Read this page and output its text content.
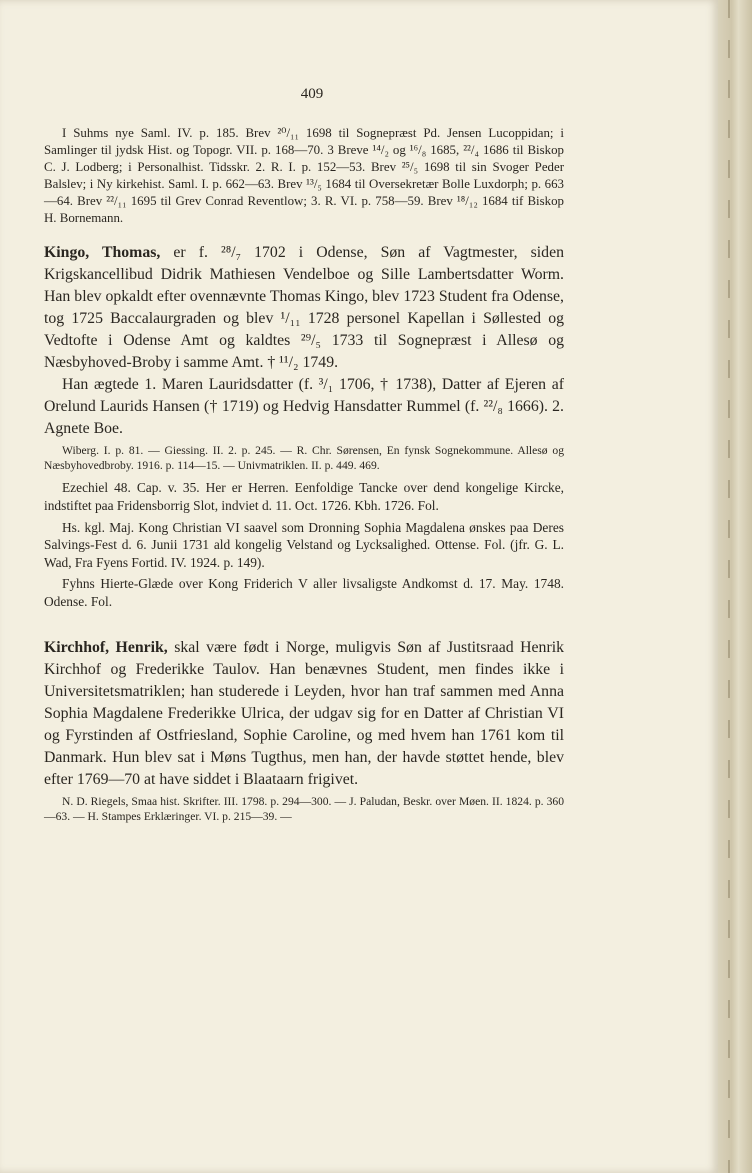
409

I Suhms nye Saml. IV. p. 185. Brev ²⁰/₁₁ 1698 til Sognepræst Pd. Jensen Lucoppidan; i Samlinger til jydsk Hist. og Topogr. VII. p. 168—70. 3 Breve ¹⁴/₂ og ¹⁶/₈ 1685, ²²/₄ 1686 til Biskop C. J. Lodberg; i Personalhist. Tidsskr. 2. R. I. p. 152—53. Brev ²⁵/₅ 1698 til sin Svoger Peder Balslev; i Ny kirkehist. Saml. I. p. 662—63. Brev ¹³/₅ 1684 til Oversekretær Bolle Luxdorph; p. 663—64. Brev ²²/₁₁ 1695 til Grev Conrad Reventlow; 3. R. VI. p. 758—59. Brev ¹⁸/₁₂ 1684 tif Biskop H. Bornemann.

Kingo, Thomas, er f. ²⁸/₇ 1702 i Odense, Søn af Vagtmester, siden Krigskancellibud Didrik Mathiesen Vendelboe og Sille Lambertsdatter Worm. Han blev opkaldt efter ovennævnte Thomas Kingo, blev 1723 Student fra Odense, tog 1725 Baccalaurgraden og blev ¹/₁₁ 1728 personel Kapellan i Søllested og Vedtofte i Odense Amt og kaldtes ²⁹/₅ 1733 til Sognepræst i Allesø og Næsbyhoved-Broby i samme Amt. † ¹¹/₂ 1749.

Han ægtede 1. Maren Lauridsdatter (f. ³/₁ 1706, † 1738), Datter af Ejeren af Orelund Laurids Hansen († 1719) og Hedvig Hansdatter Rummel (f. ²²/₈ 1666). 2. Agnete Boe.

Wiberg. I. p. 81. — Giessing. II. 2. p. 245. — R. Chr. Sørensen, En fynsk Sognekommune. Allesø og Næsbyhovedbroby. 1916. p. 114—15. — Univmatriklen. II. p. 449. 469.

Ezechiel 48. Cap. v. 35. Her er Herren. Eenfoldige Tancke over dend kongelige Kircke, indstiftet paa Fridensborrig Slot, indviet d. 11. Oct. 1726. Kbh. 1726. Fol.

Hs. kgl. Maj. Kong Christian VI saavel som Dronning Sophia Magdalena ønskes paa Deres Salvings-Fest d. 6. Junii 1731 ald kongelig Velstand og Lycksalighed. Ottense. Fol. (jfr. G. L. Wad, Fra Fyens Fortid. IV. 1924. p. 149).

Fyhns Hierte-Glæde over Kong Friderich V aller livsaligste Andkomst d. 17. May. 1748. Odense. Fol.

Kirchhof, Henrik, skal være født i Norge, muligvis Søn af Justitsraad Henrik Kirchhof og Frederikke Taulov. Han benævnes Student, men findes ikke i Universitetsmatriklen; han studerede i Leyden, hvor han traf sammen med Anna Sophia Magdalene Frederikke Ulrica, der udgav sig for en Datter af Christian VI og Fyrstinden af Ostfriesland, Sophie Caroline, og med hvem han 1761 kom til Danmark. Hun blev sat i Møns Tugthus, men han, der havde støttet hende, blev efter 1769—70 at have siddet i Blaataarn frigivet.

N. D. Riegels, Smaa hist. Skrifter. III. 1798. p. 294—300. — J. Paludan, Beskr. over Møen. II. 1824. p. 360—63. — H. Stampes Erklæringer. VI. p. 215—39. —
